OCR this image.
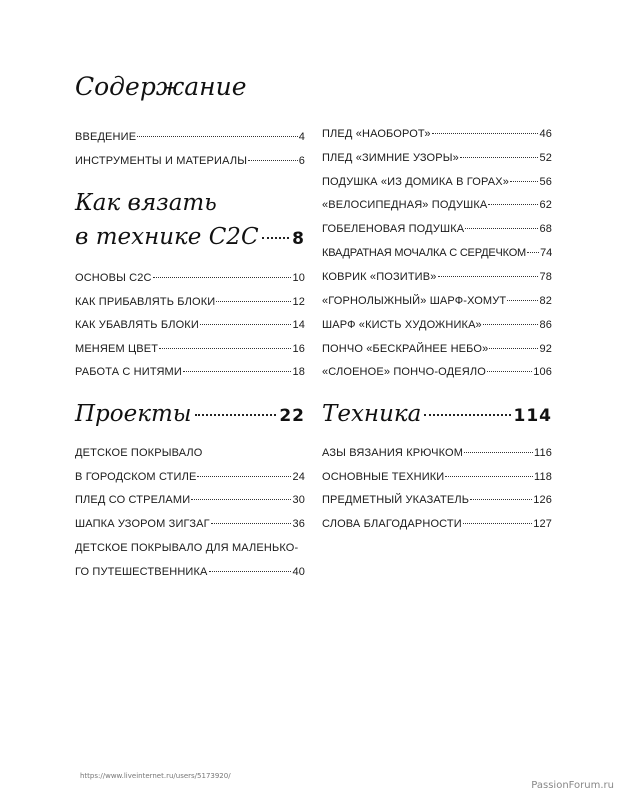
Содержание
ВВЕДЕНИЕ	4
ИНСТРУМЕНТЫ И МАТЕРИАЛЫ	6
Как вязать
в технике С2С 8
ОСНОВЫ С2С	10
КАК ПРИБАВЛЯТЬ БЛОКИ	12
КАК УБАВЛЯТЬ БЛОКИ	14
МЕНЯЕМ ЦВЕТ	16
РАБОТА С НИТЯМИ	18
Проекты	22
ДЕТСКОЕ ПОКРЫВАЛО
В ГОРОДСКОМ СТИЛЕ	24
ПЛЕД СО СТРЕЛАМИ	30
ШАПКА УЗОРОМ ЗИГЗАГ	36
ДЕТСКОЕ ПОКРЫВАЛО ДЛЯ МАЛЕНЬКО-
ГО ПУТЕШЕСТВЕННИКА	40
ПЛЕД «НАОБОРОТ»	46
ПЛЕД «ЗИМНИЕ УЗОРЫ»	52
ПОДУШКА «ИЗ ДОМИКА В ГОРАХ»	56
«ВЕЛОСИПЕДНАЯ» ПОДУШКА	62
ГОБЕЛЕНОВАЯ ПОДУШКА	68
КВАДРАТНАЯ МОЧАЛКА С СЕРДЕЧКОМ 74
КОВРИК «ПОЗИТИВ»	78
«ГОРНОЛЫЖНЫЙ» ШАРФ-ХОМУТ	82
ШАРФ «КИСТЬ ХУДОЖНИКА»	86
ПОНЧО «БЕСКРАЙНЕЕ НЕБО»	92
«СЛОЕНОЕ» ПОНЧО-ОДЕЯЛО	106
Техника	114
АЗЫ ВЯЗАНИЯ КРЮЧКОМ	116
ОСНОВНЫЕ ТЕХНИКИ	118
ПРЕДМЕТНЫЙ УКАЗАТЕЛЬ	126
СЛОВА БЛАГОДАРНОСТИ	127
https://www.liveinternet.ru/users/5173920/
PassionForum.ru
